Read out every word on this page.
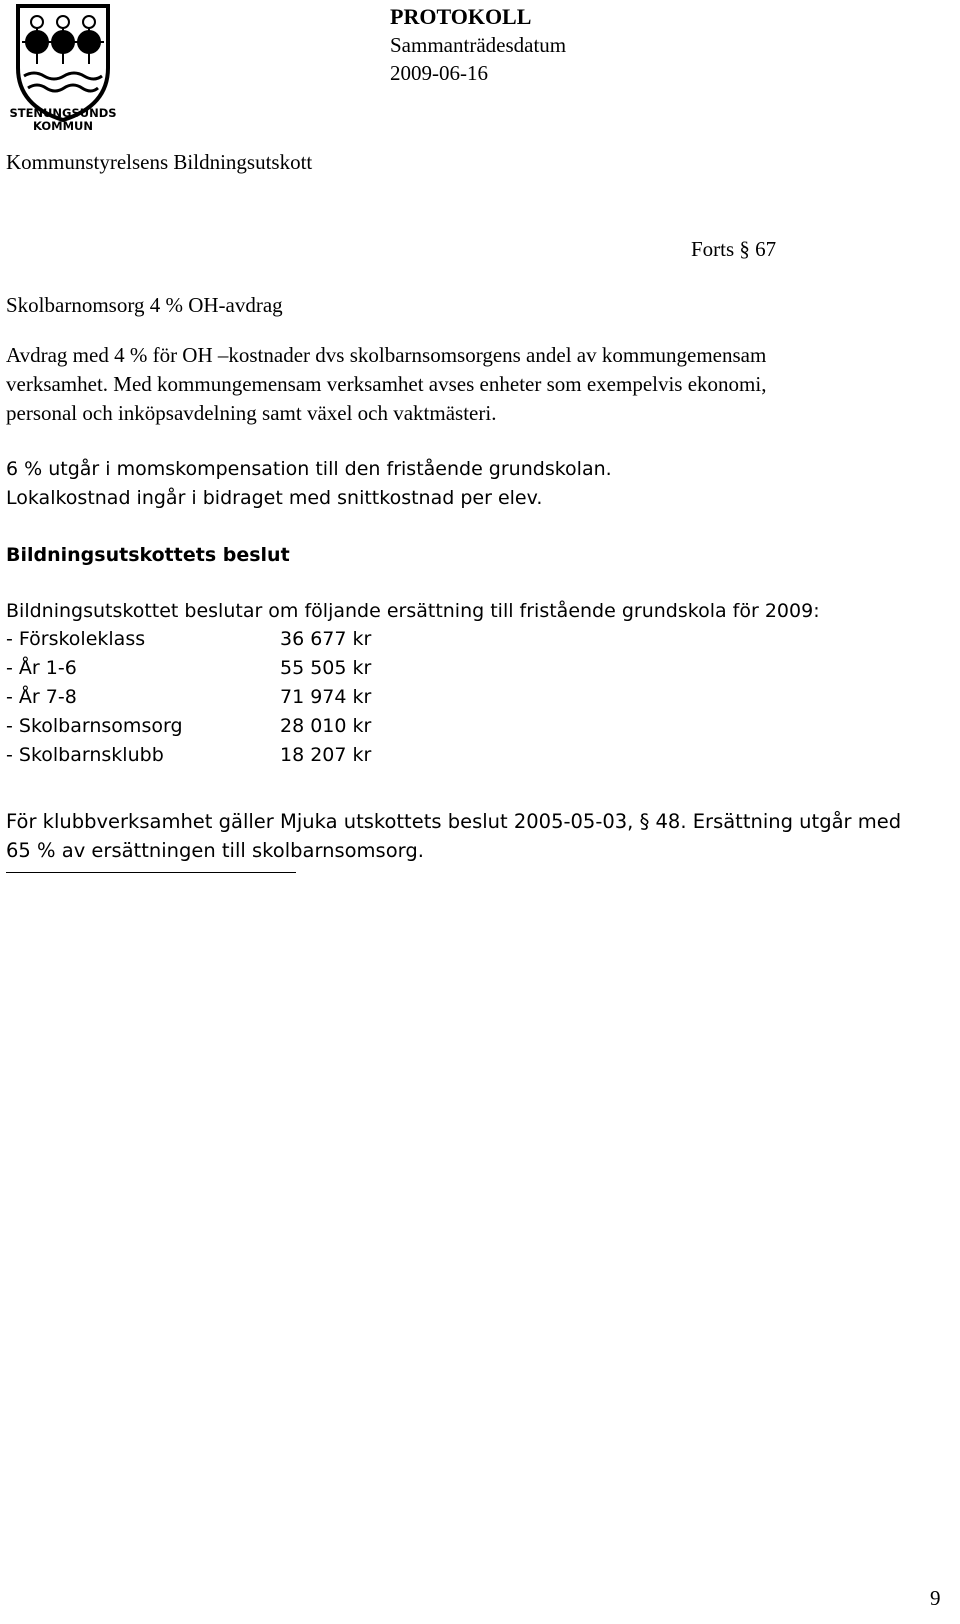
STENUNGSUNDS
KOMMUN
PROTOKOLL
Sammanträdesdatum
2009-06-16
Kommunstyrelsens Bildningsutskott
Forts § 67
Skolbarnomsorg 4 % OH-avdrag

Avdrag med 4 % för OH –kostnader dvs skolbarnsomsorgens andel av kommungemensam

verksamhet. Med kommungemensam verksamhet avses enheter som exempelvis ekonomi,

personal och inköpsavdelning samt växel och vaktmästeri.

6 % utgår i momskompensation till den fristående grundskolan.

Lokalkostnad ingår i bidraget med snittkostnad per elev.

Bildningsutskottets beslut
Bildningsutskottet beslutar om följande ersättning till fristående grundskola för 2009:
- Förskoleklass	36 677 kr
- År 1-6	55 505 kr
- År 7-8	71 974 kr
- Skolbarnsomsorg	28 010 kr
- Skolbarnsklubb	18 207 kr

För klubbverksamhet gäller Mjuka utskottets beslut 2005-05-03, § 48. Ersättning utgår med

65 % av ersättningen till skolbarnsomsorg.

9
